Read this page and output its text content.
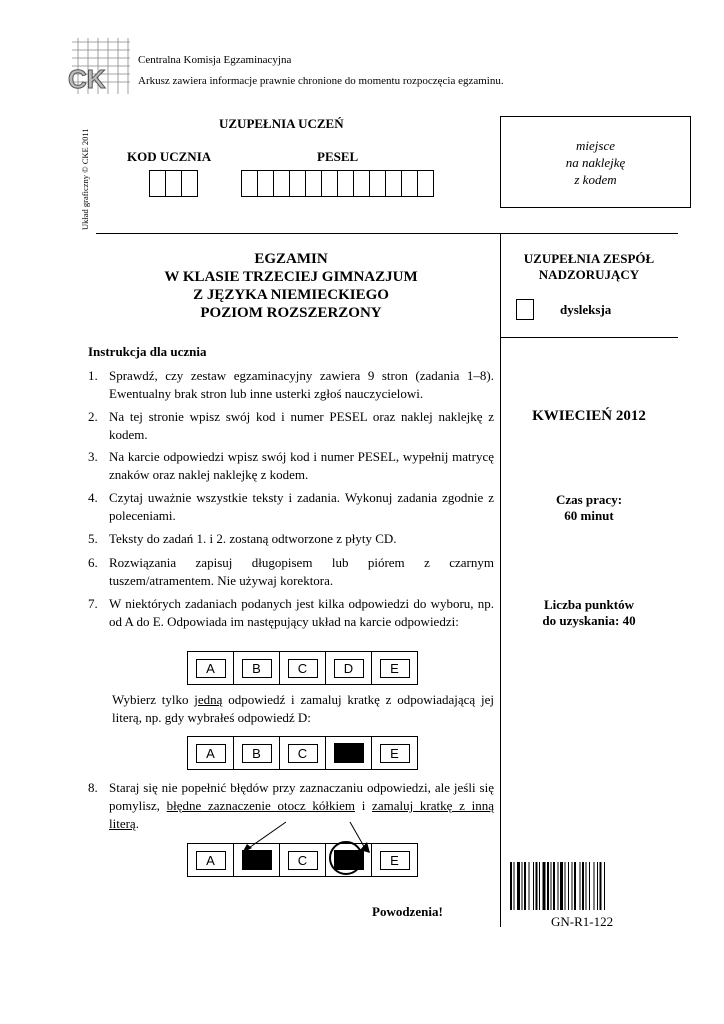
CK
Centralna Komisja Egzaminacyjna
Arkusz zawiera informacje prawnie chronione do momentu rozpoczęcia egzaminu.
Układ graficzny © CKE 2011
UZUPEŁNIA UCZEŃ
KOD UCZNIA	PESEL
miejsce
na naklejkę
z kodem
EGZAMIN
W KLASIE TRZECIEJ GIMNAZJUM
Z JĘZYKA NIEMIECKIEGO
POZIOM ROZSZERZONY
UZUPEŁNIA ZESPÓŁ
NADZORUJĄCY
dysleksja
KWIECIEŃ 2012
Czas pracy:
60 minut
Liczba punktów
do uzyskania: 40
Instrukcja dla ucznia
1. Sprawdź, czy zestaw egzaminacyjny zawiera 9 stron (zadania 1–8). Ewentualny brak stron lub inne usterki zgłoś nauczycielowi.
2. Na tej stronie wpisz swój kod i numer PESEL oraz naklej naklejkę z kodem.
3. Na karcie odpowiedzi wpisz swój kod i numer PESEL, wypełnij matrycę znaków oraz naklej naklejkę z kodem.
4. Czytaj uważnie wszystkie teksty i zadania. Wykonuj zadania zgodnie z poleceniami.
5. Teksty do zadań 1. i 2. zostaną odtworzone z płyty CD.
6. Rozwiązania zapisuj długopisem lub piórem z czarnym tuszem/atramentem. Nie używaj korektora.
7. W niektórych zadaniach podanych jest kilka odpowiedzi do wyboru, np. od A do E. Odpowiada im następujący układ na karcie odpowiedzi:
A	B	C	D	E
Wybierz tylko jedną odpowiedź i zamaluj kratkę z odpowiadającą jej literą, np. gdy wybrałeś odpowiedź D:
A	B	C	E
8. Staraj się nie popełnić błędów przy zaznaczaniu odpowiedzi, ale jeśli się pomylisz, błędne zaznaczenie otocz kółkiem i zamaluj kratkę z inną literą.
A	C	E
Powodzenia!
GN-R1-122
